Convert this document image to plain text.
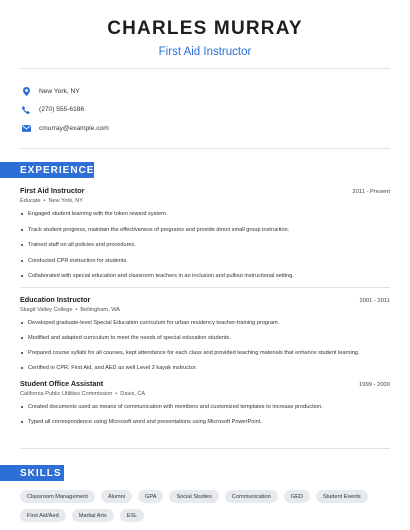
CHARLES MURRAY
First Aid Instructor
New York, NY
(270) 555-6186
cmurray@example.com
EXPERIENCE
First Aid Instructor	2011 - Present
Educate • New York, NY
Engaged student learning with the token reward system.
Track student progress, maintain the effectiveness of programs and provide direct small group instruction.
Trained staff on all policies and procedures.
Conducted CPR instruction for students.
Collaborated with special education and classroom teachers in an inclusion and pullout instructional setting.
Education Instructor	2001 - 2011
Skagit Valley College • Bellingham, WA
Developed graduate-level Special Education curriculum for urban residency teacher-training program.
Modified and adapted curriculum to meet the needs of special education students.
Prepared course syllabi for all courses, kept attendance for each class and provided teaching materials that enhance student learning.
Certified in CPR, First Aid, and AED as well Level 2 kayak instructor.
Student Office Assistant	1999 - 2000
California Public Utilities Commission • Davis, CA
Created documents used as means of communication with members and customized templates to increase production.
Typed all correspondence using Microsoft word and presentations using Microsoft PowerPoint.
SKILLS
Classroom Management	Alumni	GPA	Social Studies	Communication	GED	Student Events
First Aid/Aed	Martial Arts	ESL
